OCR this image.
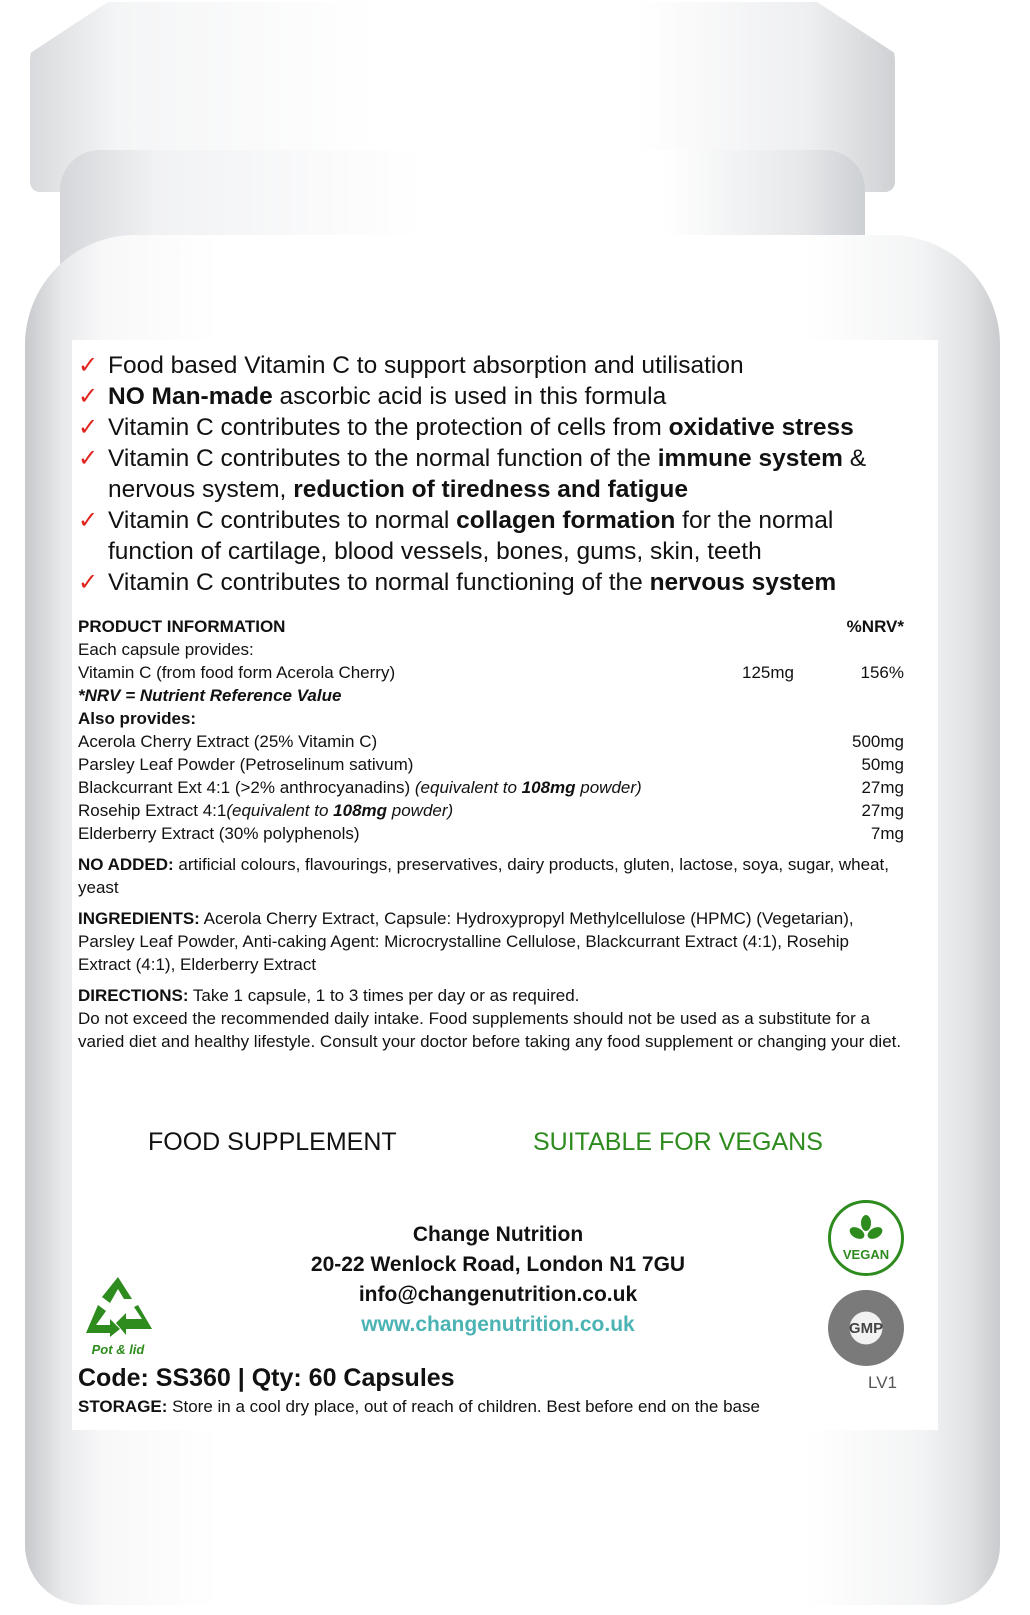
✓ Food based Vitamin C to support absorption and utilisation
✓ NO Man-made ascorbic acid is used in this formula
✓ Vitamin C contributes to the protection of cells from oxidative stress
✓ Vitamin C contributes to the normal function of the immune system & nervous system, reduction of tiredness and fatigue
✓ Vitamin C contributes to normal collagen formation for the normal function of cartilage, blood vessels, bones, gums, skin, teeth
✓ Vitamin C contributes to normal functioning of the nervous system
PRODUCT INFORMATION	%NRV*
Each capsule provides:
Vitamin C (from food form Acerola Cherry)	125mg	156%
*NRV = Nutrient Reference Value
Also provides:
Acerola Cherry Extract (25% Vitamin C)	500mg
Parsley Leaf Powder (Petroselinum sativum)	50mg
Blackcurrant Ext 4:1 (>2% anthrocyanadins) (equivalent to 108mg powder)	27mg
Rosehip Extract 4:1(equivalent to 108mg powder)	27mg
Elderberry Extract (30% polyphenols)	7mg
NO ADDED: artificial colours, flavourings, preservatives, dairy products, gluten, lactose, soya, sugar, wheat, yeast
INGREDIENTS: Acerola Cherry Extract, Capsule: Hydroxypropyl Methylcellulose (HPMC) (Vegetarian), Parsley Leaf Powder, Anti-caking Agent: Microcrystalline Cellulose, Blackcurrant Extract (4:1), Rosehip Extract (4:1), Elderberry Extract
DIRECTIONS: Take 1 capsule, 1 to 3 times per day or as required.
Do not exceed the recommended daily intake. Food supplements should not be used as a substitute for a varied diet and healthy lifestyle. Consult your doctor before taking any food supplement or changing your diet.
FOOD SUPPLEMENT	SUITABLE FOR VEGANS
Change Nutrition
20-22 Wenlock Road, London N1 7GU
info@changenutrition.co.uk
www.changenutrition.co.uk
Pot & lid
VEGAN
GMP
Code: SS360 | Qty: 60 Capsules	LV1
STORAGE: Store in a cool dry place, out of reach of children. Best before end on the base
